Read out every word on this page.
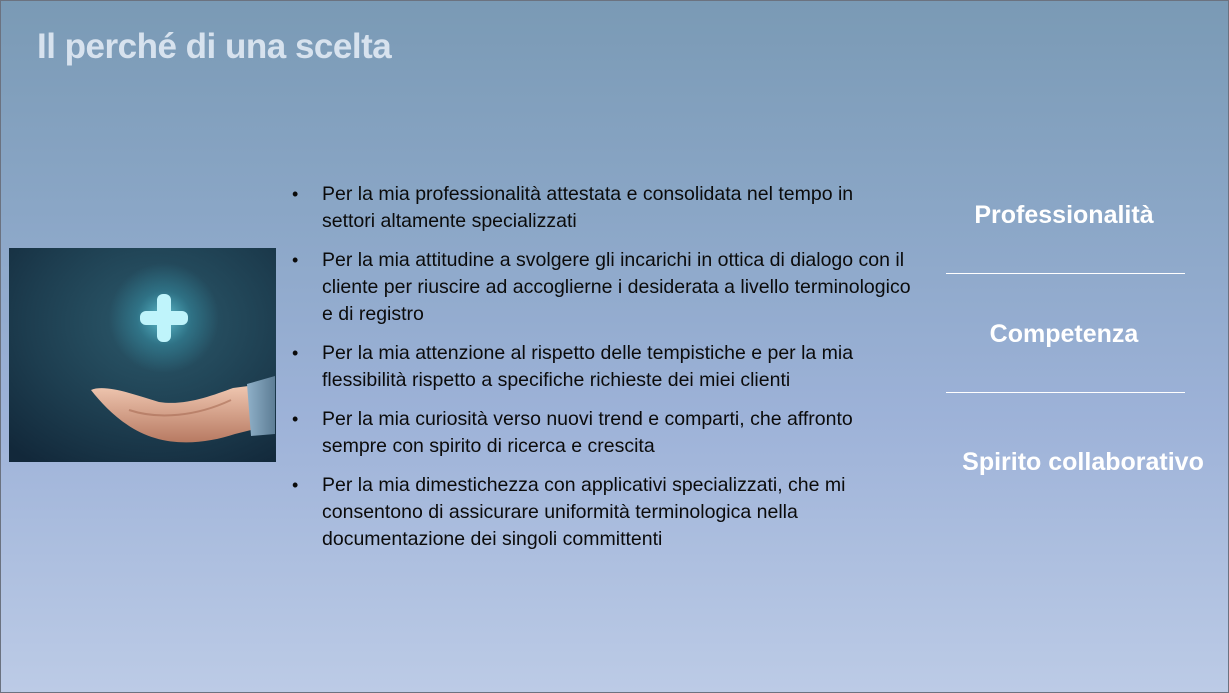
Il perché di una scelta
• Per la mia professionalità attestata e consolidata nel tempo in settori altamente specializzati
• Per la mia attitudine a svolgere gli incarichi in ottica di dialogo con il cliente per riuscire ad accoglierne i desiderata a livello terminologico e di registro
• Per la mia attenzione al rispetto delle tempistiche e per la mia flessibilità rispetto a specifiche richieste dei miei clienti
• Per la mia curiosità verso nuovi trend e comparti, che affronto sempre con spirito di ricerca e crescita
• Per la mia dimestichezza con applicativi specializzati, che mi consentono di assicurare uniformità terminologica nella documentazione dei singoli committenti
Professionalità
Competenza
Spirito collaborativo
